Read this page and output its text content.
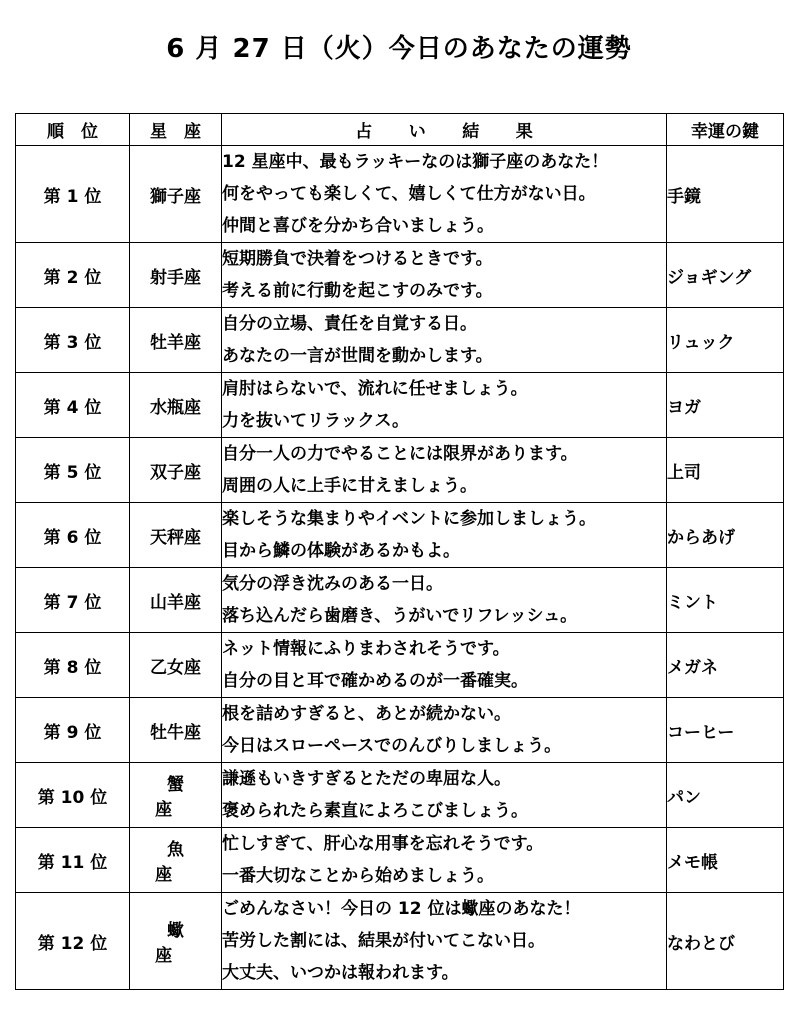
6 月 27 日（火）今日のあなたの運勢
順　位	星　座	占 い 結 果	幸運の鍵
第 1 位	獅子座	12 星座中、最もラッキーなのは獅子座のあなた！
何をやっても楽しくて、嬉しくて仕方がない日。
仲間と喜びを分かち合いましょう。	手鏡
第 2 位	射手座	短期勝負で決着をつけるときです。
考える前に行動を起こすのみです。	ジョギング
第 3 位	牡羊座	自分の立場、責任を自覚する日。
あなたの一言が世間を動かします。	リュック
第 4 位	水瓶座	肩肘はらないで、流れに任せましょう。
力を抜いてリラックス。	ヨガ
第 5 位	双子座	自分一人の力でやることには限界があります。
周囲の人に上手に甘えましょう。	上司
第 6 位	天秤座	楽しそうな集まりやイベントに参加しましょう。
目から鱗の体験があるかもよ。	からあげ
第 7 位	山羊座	気分の浮き沈みのある一日。
落ち込んだら歯磨き、うがいでリフレッシュ。	ミント
第 8 位	乙女座	ネット情報にふりまわされそうです。
自分の目と耳で確かめるのが一番確実。	メガネ
第 9 位	牡牛座	根を詰めすぎると、あとが続かない。
今日はスローペースでのんびりしましょう。	コーヒー
第 10 位	蟹座	謙遜もいきすぎるとただの卑屈な人。
褒められたら素直によろこびましょう。	パン
第 11 位	魚座	忙しすぎて、肝心な用事を忘れそうです。
一番大切なことから始めましょう。	メモ帳
第 12 位	蠍座	ごめんなさい！今日の 12 位は蠍座のあなた！
苦労した割には、結果が付いてこない日。
大丈夫、いつかは報われます。	なわとび
